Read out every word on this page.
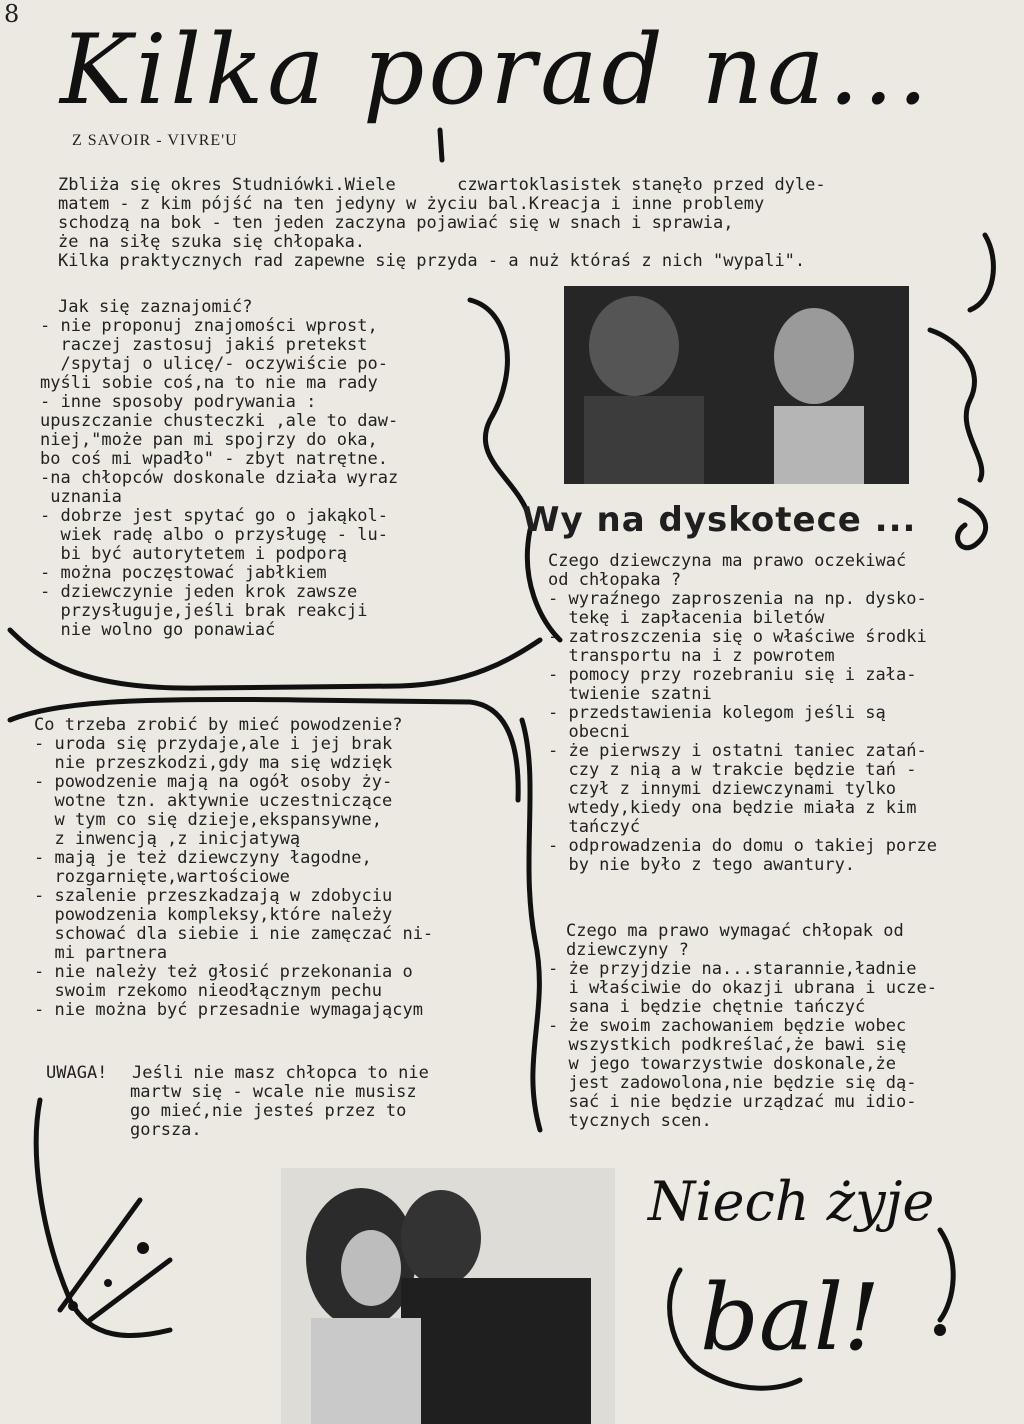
8 Kilka porad na...
Z SAVOIR - VIVRE'U

Zbliża się okres Studniówki.Wiele      czwartoklasistek stanęło przed dyle-

matem - z kim pójść na ten jedyny w życiu bal.Kreacja i inne problemy

schodzą na bok - ten jeden zaczyna pojawiać się w snach i sprawia,

że na siłę szuka się chłopaka.

Kilka praktycznych rad zapewne się przyda - a nuż któraś z nich "wypali".

Jak się zaznajomić?
- nie proponuj znajomości wprost,
raczej zastosuj jakiś pretekst
/spytaj o ulicę/- oczywiście po-
myśli sobie coś,na to nie ma rady
- inne sposoby podrywania :
upuszczanie chusteczki ,ale to daw-
niej,"może pan mi spojrzy do oka,
bo coś mi wpadło" - zbyt natrętne.
-na chłopców doskonale działa wyraz
uznania
- dobrze jest spytać go o jakąkol-
wiek radę albo o przysługę - lu-
bi być autorytetem i podporą
- można poczęstować jabłkiem
- dziewczynie jeden krok zawsze
przysługuje,jeśli brak reakcji
nie wolno go ponawiać
Wy na dyskotece ...
Czego dziewczyna ma prawo oczekiwać
od chłopaka ?
- wyraźnego zaproszenia na np. dysko-
tekę i zapłacenia biletów
- zatroszczenia się o właściwe środki
transportu na i z powrotem
- pomocy przy rozebraniu się i zała-
twienie szatni
- przedstawienia kolegom jeśli są
obecni
- że pierwszy i ostatni taniec zatań-
czy z nią a w trakcie będzie tań -
czył z innymi dziewczynami tylko
wtedy,kiedy ona będzie miała z kim
tańczyć
- odprowadzenia do domu o takiej porze
by nie było z tego awantury.
Co trzeba zrobić by mieć powodzenie?
- uroda się przydaje,ale i jej brak
nie przeszkodzi,gdy ma się wdzięk
- powodzenie mają na ogół osoby ży-
wotne tzn. aktywnie uczestniczące
w tym co się dzieje,ekspansywne,
z inwencją ,z inicjatywą
- mają je też dziewczyny łagodne,
rozgarnięte,wartościowe
- szalenie przeszkadzają w zdobyciu
powodzenia kompleksy,które należy
schować dla siebie i nie zamęczać ni-
mi partnera
- nie należy też głosić przekonania o
swoim rzekomo nieodłącznym pechu
- nie można być przesadnie wymagającym
Czego ma prawo wymagać chłopak od
dziewczyny ?
- że przyjdzie na...starannie,ładnie
i właściwie do okazji ubrana i ucze-
sana i będzie chętnie tańczyć
- że swoim zachowaniem będzie wobec
wszystkich podkreślać,że bawi się
w jego towarzystwie doskonale,że
jest zadowolona,nie będzie się dą-
sać i nie będzie urządzać mu idio-
tycznych scen.
UWAGA! Jeśli nie masz chłopca to nie
martw się - wcale nie musisz
go mieć,nie jesteś przez to
gorsza.
Niech żyje
bal!
